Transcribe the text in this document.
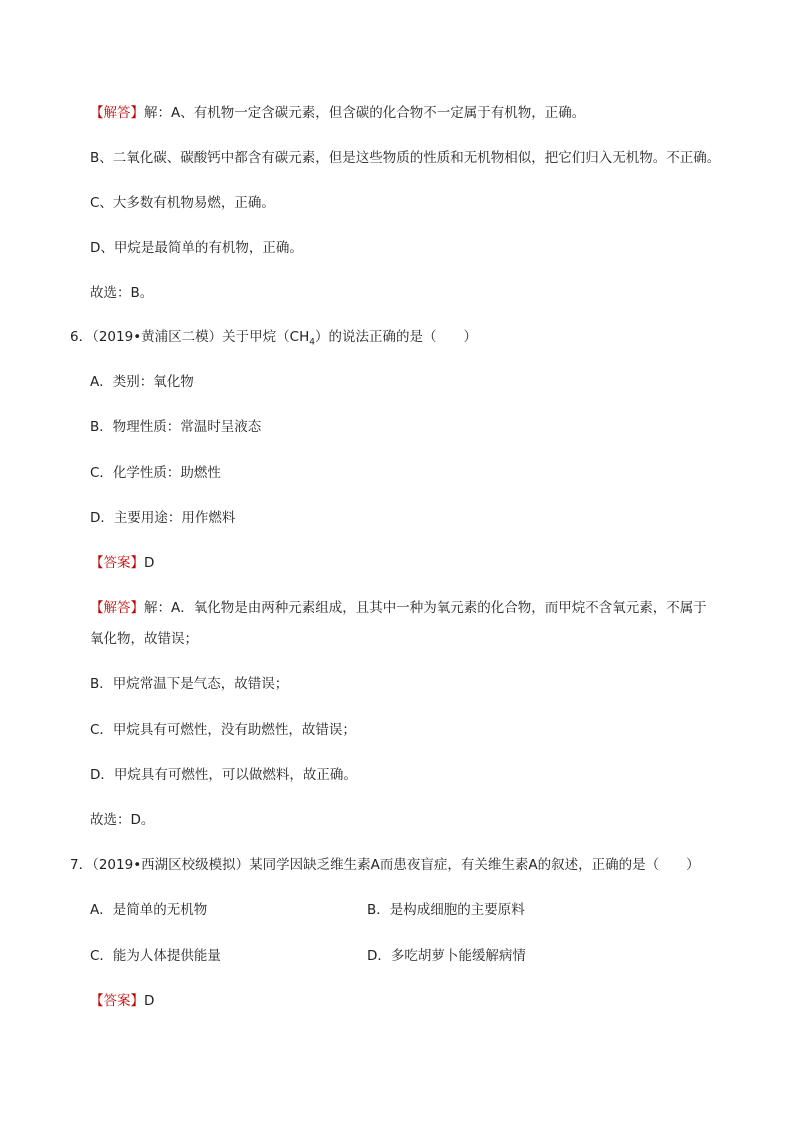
【解答】解：A、有机物一定含碳元素，但含碳的化合物不一定属于有机物，正确。
B、二氧化碳、碳酸钙中都含有碳元素，但是这些物质的性质和无机物相似，把它们归入无机物。不正确。
C、大多数有机物易燃，正确。
D、甲烷是最简单的有机物，正确。
故选：B。
6．（2019•黄浦区二模）关于甲烷$(CH_4)$的说法正确的是（　　）
A．类别：氧化物
B．物理性质：常温时呈液态
C．化学性质：助燃性
D．主要用途：用作燃料
【答案】D
【解答】解：A．氧化物是由两种元素组成，且其中一种为氧元素的化合物，而甲烷不含氧元素，不属于
氧化物，故错误；
B．甲烷常温下是气态，故错误；
C．甲烷具有可燃性，没有助燃性，故错误；
D．甲烷具有可燃性，可以做燃料，故正确。
故选：D。
7．（2019•西湖区校级模拟）某同学因缺乏维生素A而患夜盲症，有关维生素A的叙述，正确的是（　　）
A．是简单的无机物	B．是构成细胞的主要原料
C．能为人体提供能量	D．多吃胡萝卜能缓解病情
【答案】D
